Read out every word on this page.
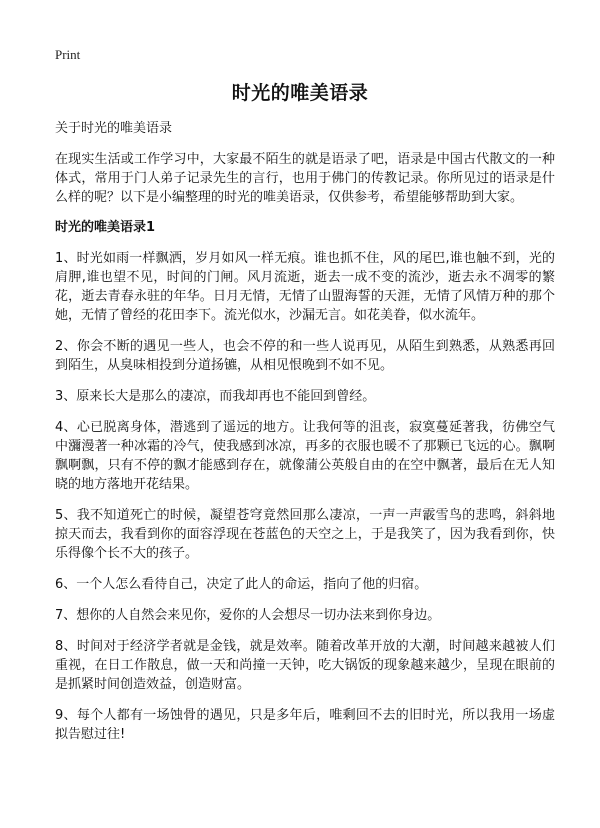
Print
时光的唯美语录

关于时光的唯美语录

在现实生活或工作学习中，大家最不陌生的就是语录了吧，语录是中国古代散文的一种体式，常用于门人弟子记录先生的言行，也用于佛门的传教记录。你所见过的语录是什么样的呢？以下是小编整理的时光的唯美语录，仅供参考，希望能够帮助到大家。

时光的唯美语录1

1、时光如雨一样飘洒，岁月如风一样无痕。谁也抓不住，风的尾巴,谁也触不到，光的肩胛,谁也望不见，时间的门闸。风月流逝，逝去一成不变的流沙，逝去永不凋零的繁花，逝去青春永驻的年华。日月无情，无情了山盟海誓的天涯，无情了风情万种的那个她，无情了曾经的花田李下。流光似水，沙漏无言。如花美眷，似水流年。

2、你会不断的遇见一些人，也会不停的和一些人说再见，从陌生到熟悉，从熟悉再回到陌生，从臭味相投到分道扬镳，从相见恨晚到不如不见。

3、原来长大是那么的凄凉，而我却再也不能回到曾经。

4、心已脱离身体，潜逃到了遥远的地方。让我何等的沮丧，寂寞蔓延著我，彷佛空气中瀰漫著一种冰霜的冷气，使我感到冰凉，再多的衣服也暖不了那颗已飞远的心。飘啊飘啊飘，只有不停的飘才能感到存在，就像蒲公英般自由的在空中飘著，最后在无人知晓的地方落地开花结果。

5、我不知道死亡的时候，凝望苍穹竟然回那么凄凉，一声一声霰雪鸟的悲鸣，斜斜地掠天而去，我看到你的面容浮现在苍蓝色的天空之上，于是我笑了，因为我看到你，快乐得像个长不大的孩子。

6、一个人怎么看待自己，决定了此人的命运，指向了他的归宿。

7、想你的人自然会来见你，爱你的人会想尽一切办法来到你身边。

8、时间对于经济学者就是金钱，就是效率。随着改革开放的大潮，时间越来越被人们重视，在日工作散息，做一天和尚撞一天钟，吃大锅饭的现象越来越少，呈现在眼前的是抓紧时间创造效益，创造财富。

9、每个人都有一场蚀骨的遇见，只是多年后，唯剩回不去的旧时光，所以我用一场虚拟告慰过往!
